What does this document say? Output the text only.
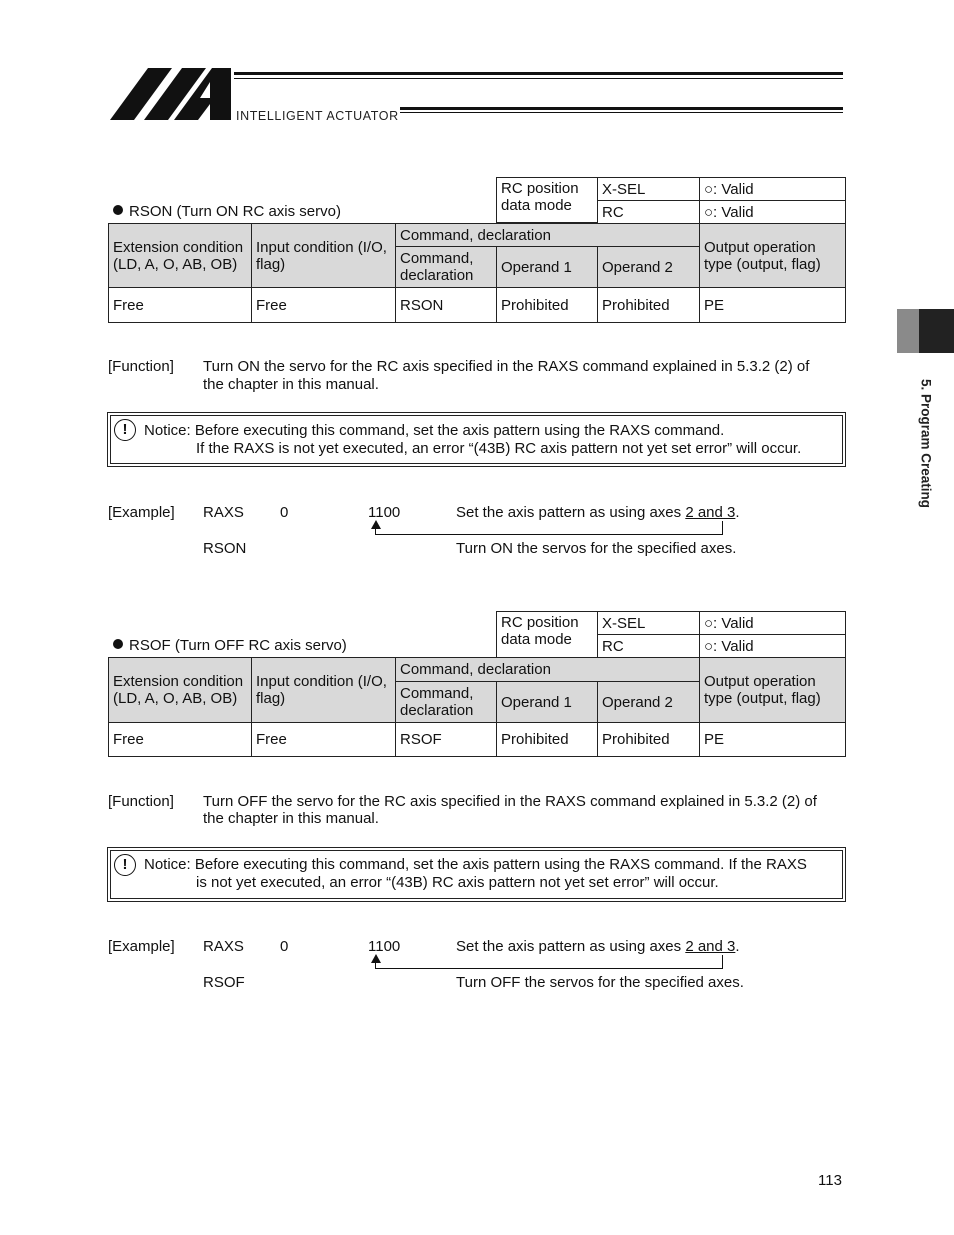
INTELLIGENT ACTUATOR
5. Program Creating
RSON (Turn ON RC axis servo)
RC position data mode
X-SEL	○: Valid
RC	○: Valid
Extension condition (LD, A, O, AB, OB)
Input condition (I/O, flag)
Command, declaration
Command, declaration	Operand 1	Operand 2
Output operation type (output, flag)
Free	Free	RSON	Prohibited	Prohibited	PE
[Function] Turn ON the servo for the RC axis specified in the RAXS command explained in 5.3.2 (2) of
the chapter in this manual.
!	Notice: Before executing this command, set the axis pattern using the RAXS command.
If the RAXS is not yet executed, an error “(43B) RC axis pattern not yet set error” will occur.
[Example] RAXS 0	1100	Set the axis pattern as using axes 2 and 3.
RSON	Turn ON the servos for the specified axes.
RSOF (Turn OFF RC axis servo)
RC position data mode
X-SEL	○: Valid
RC	○: Valid
Extension condition (LD, A, O, AB, OB)
Input condition (I/O, flag)
Command, declaration
Command, declaration	Operand 1	Operand 2
Output operation type (output, flag)
Free	Free	RSOF	Prohibited	Prohibited	PE
[Function] Turn OFF the servo for the RC axis specified in the RAXS command explained in 5.3.2 (2) of
the chapter in this manual.
!	Notice: Before executing this command, set the axis pattern using the RAXS command. If the RAXS
is not yet executed, an error “(43B) RC axis pattern not yet set error” will occur.
[Example] RAXS 0	1100	Set the axis pattern as using axes 2 and 3.
RSOF	Turn OFF the servos for the specified axes.
113
